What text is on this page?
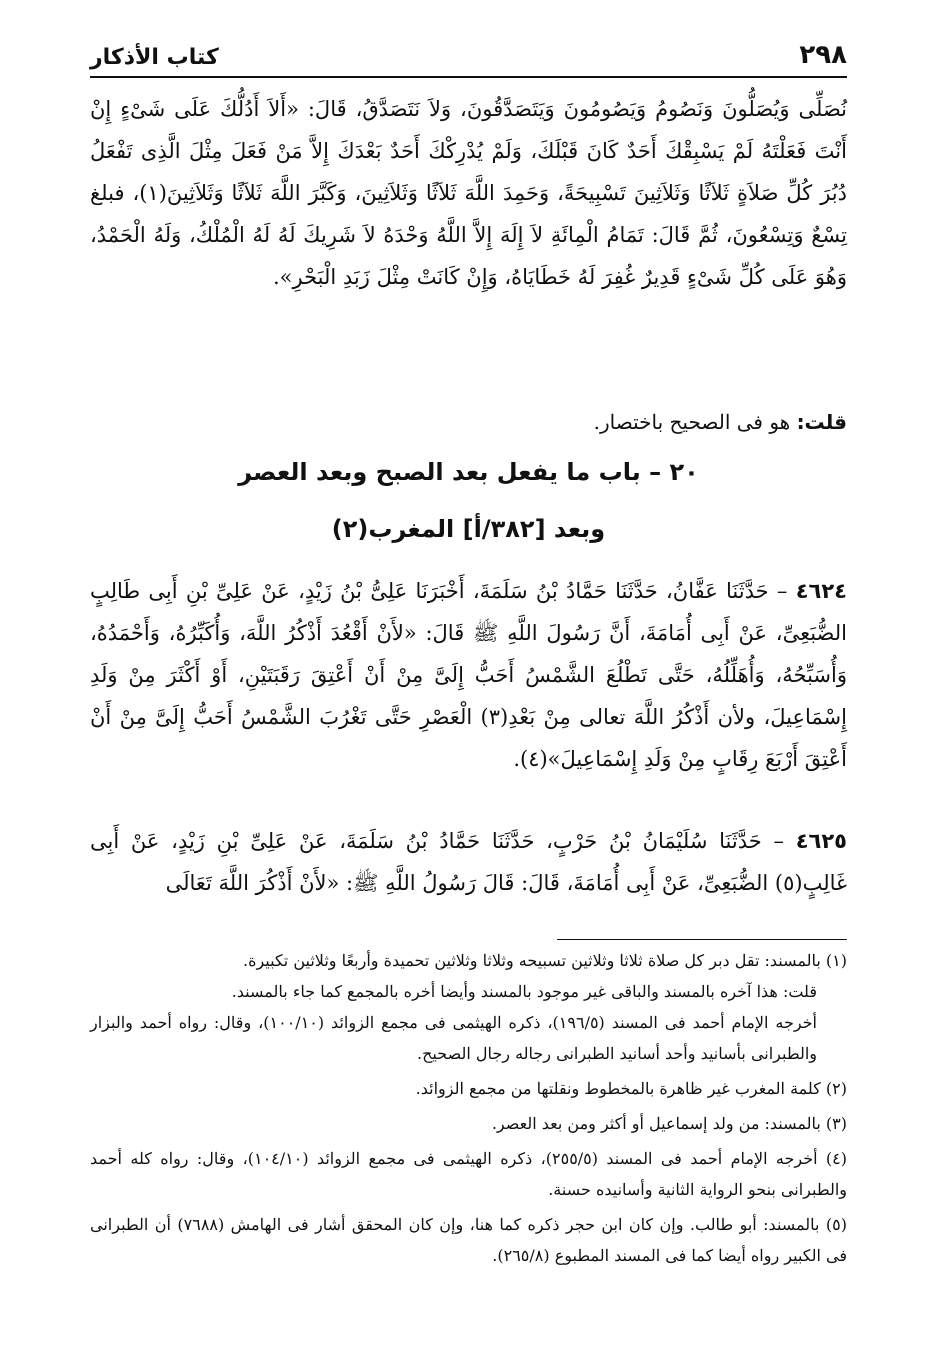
٢٩٨
كتاب الأذكار
نُصَلِّى وَيُصَلُّونَ وَنَصُومُ وَيَصُومُونَ وَيَتَصَدَّقُونَ، وَلاَ نَتَصَدَّقُ، قَالَ: «أَلاَ أَدُلُّكَ عَلَى شَىْءٍ إِنْ أَنْتَ فَعَلْتَهُ لَمْ يَسْبِقْكَ أَحَدٌ كَانَ قَبْلَكَ، وَلَمْ يُدْرِكْكَ أَحَدٌ بَعْدَكَ إِلاَّ مَنْ فَعَلَ مِثْلَ الَّذِى تَفْعَلُ دُبُرَ كُلِّ صَلاَةٍ ثَلاَثًا وَثَلاَثِينَ تَسْبِيحَةً، وَحَمِدَ اللَّهَ ثَلاَثًا وَثَلاَثِينَ، وَكَبَّرَ اللَّهَ ثَلاَثًا وَثَلاَثِينَ(١)، فبلغ تِسْعٌ وَتِسْعُونَ، ثُمَّ قَالَ: تَمَامُ الْمِائَةِ لاَ إِلَهَ إِلاَّ اللَّهُ وَحْدَهُ لاَ شَرِيكَ لَهُ لَهُ الْمُلْكُ، وَلَهُ الْحَمْدُ، وَهُوَ عَلَى كُلِّ شَىْءٍ قَدِيرٌ غُفِرَ لَهُ خَطَايَاهُ، وَإِنْ كَانَتْ مِثْلَ زَبَدِ الْبَحْرِ».
قلت: هو فى الصحيح باختصار.
٢٠ – باب ما يفعل بعد الصبح وبعد العصر
وبعد [٣٨٢/أ] المغرب(٢)
٤٦٢٤ – حَدَّثَنَا عَفَّانُ، حَدَّثَنَا حَمَّادُ بْنُ سَلَمَةَ، أَخْبَرَنَا عَلِىُّ بْنُ زَيْدٍ، عَنْ عَلِىِّ بْنِ أَبِى طَالِبٍ الضُّبَعِىِّ، عَنْ أَبِى أُمَامَةَ، أَنَّ رَسُولَ اللَّهِ ﷺ قَالَ: «لأَنْ أَقْعُدَ أَذْكُرُ اللَّهَ، وَأُكَبِّرُهُ، وَأَحْمَدُهُ، وَأُسَبِّحُهُ، وَأُهَلِّلُهُ، حَتَّى تَطْلُعَ الشَّمْسُ أَحَبُّ إِلَىَّ مِنْ أَنْ أَعْتِقَ رَقَبَتَيْنِ، أَوْ أَكْثَرَ مِنْ وَلَدِ إِسْمَاعِيلَ، ولأن أَذْكُرُ اللَّهَ تعالى مِنْ بَعْدِ(٣) الْعَصْرِ حَتَّى تَغْرُبَ الشَّمْسُ أَحَبُّ إِلَىَّ مِنْ أَنْ أَعْتِقَ أَرْبَعَ رِقَابٍ مِنْ وَلَدِ إِسْمَاعِيلَ»(٤).
٤٦٢٥ – حَدَّثَنَا سُلَيْمَانُ بْنُ حَرْبٍ، حَدَّثَنَا حَمَّادُ بْنُ سَلَمَةَ، عَنْ عَلِىِّ بْنِ زَيْدٍ، عَنْ أَبِى غَالِبٍ(٥) الضُّبَعِىِّ، عَنْ أَبِى أُمَامَةَ، قَالَ: قَالَ رَسُولُ اللَّهِ ﷺ: «لأَنْ أَذْكُرَ اللَّهَ تَعَالَى
(١) بالمسند: تقل دبر كل صلاة ثلاثا وثلاثين تسبيحه وثلاثا وثلاثين تحميدة وأربعًا وثلاثين تكبيرة.
قلت: هذا آخره بالمسند والباقى غير موجود بالمسند وأيضا أخره بالمجمع كما جاء بالمسند.
أخرجه الإمام أحمد فى المسند (١٩٦/٥)، ذكره الهيثمى فى مجمع الزوائد (١٠٠/١٠)، وقال: رواه أحمد والبزار والطبرانى بأسانيد وأحد أسانيد الطبرانى رجاله رجال الصحيح.
(٢) كلمة المغرب غير ظاهرة بالمخطوط ونقلتها من مجمع الزوائد.
(٣) بالمسند: من ولد إسماعيل أو أكثر ومن بعد العصر.
(٤) أخرجه الإمام أحمد فى المسند (٢٥٥/٥)، ذكره الهيثمى فى مجمع الزوائد (١٠٤/١٠)، وقال: رواه كله أحمد والطبرانى بنحو الرواية الثانية وأسانيده حسنة.
(٥) بالمسند: أبو طالب. وإن كان ابن حجر ذكره كما هنا، وإن كان المحقق أشار فى الهامش (٧٦٨٨) أن الطبرانى فى الكبير رواه أيضا كما فى المسند المطبوع (٢٦٥/٨).
